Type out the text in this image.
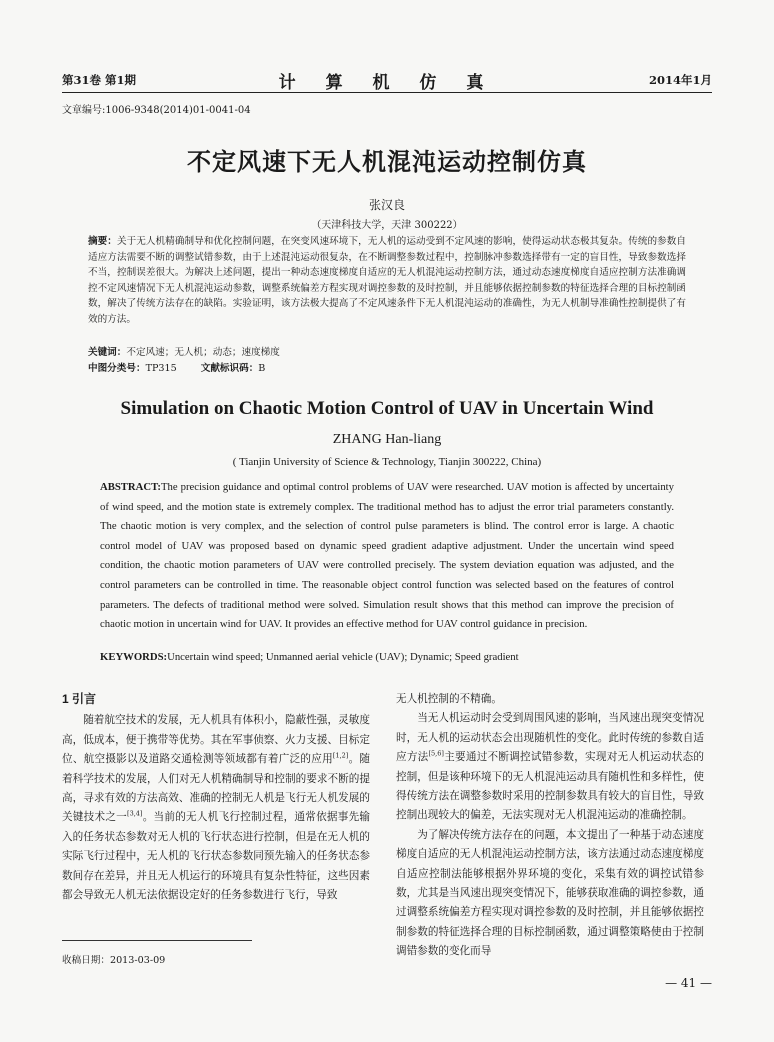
第31卷 第1期	计 算 机 仿 真	2014年1月
文章编号:1006-9348(2014)01-0041-04
不定风速下无人机混沌运动控制仿真
张汉良
（天津科技大学，天津 300222）
摘要：关于无人机精确制导和优化控制问题，在突变风速环境下，无人机的运动受到不定风速的影响，使得运动状态极其复杂。传统的参数自适应方法需要不断的调整试错参数，由于上述混沌运动很复杂，在不断调整参数过程中，控制脉冲参数选择带有一定的盲目性，导致参数选择不当，控制误差很大。为解决上述问题，提出一种动态速度梯度自适应的无人机混沌运动控制方法，通过动态速度梯度自适应控制方法准确调控不定风速情况下无人机混沌运动参数，调整系统偏差方程实现对调控参数的及时控制，并且能够依据控制参数的特征选择合理的目标控制函数，解决了传统方法存在的缺陷。实验证明，该方法极大提高了不定风速条件下无人机混沌运动的准确性，为无人机制导准确性控制提供了有效的方法。
关键词：不定风速；无人机；动态；速度梯度
中图分类号：TP315	文献标识码：B
Simulation on Chaotic Motion Control of UAV in Uncertain Wind
ZHANG Han-liang
( Tianjin University of Science & Technology, Tianjin 300222, China)
ABSTRACT:The precision guidance and optimal control problems of UAV were researched. UAV motion is affected by uncertainty of wind speed, and the motion state is extremely complex. The traditional method has to adjust the error trial parameters constantly. The chaotic motion is very complex, and the selection of control pulse parameters is blind. The control error is large. A chaotic control model of UAV was proposed based on dynamic speed gradient adaptive adjustment. Under the uncertain wind speed condition, the chaotic motion parameters of UAV were controlled precisely. The system deviation equation was adjusted, and the control parameters can be controlled in time. The reasonable object control function was selected based on the features of control parameters. The defects of traditional method were solved. Simulation result shows that this method can improve the precision of chaotic motion in uncertain wind for UAV. It provides an effective method for UAV control guidance in precision.
KEYWORDS:Uncertain wind speed; Unmanned aerial vehicle (UAV); Dynamic; Speed gradient
1 引言

随着航空技术的发展，无人机具有体积小，隐蔽性强，灵敏度高，低成本，便于携带等优势。其在军事侦察、火力支援、目标定位、航空摄影以及道路交通检测等领域都有着广泛的应用[1,2]。随着科学技术的发展，人们对无人机精确制导和控制的要求不断的提高，寻求有效的方法高效、准确的控制无人机是飞行无人机发展的关键技术之一[3,4]。当前的无人机飞行控制过程，通常依据事先输入的任务状态参数对无人机的飞行状态进行控制，但是在无人机的实际飞行过程中，无人机的飞行状态参数同预先输入的任务状态参数间存在差异，并且无人机运行的环境具有复杂性特征，这些因素都会导致无人机无法依据设定好的任务参数进行飞行，导致

无人机控制的不精确。

当无人机运动时会受到周围风速的影响，当风速出现突变情况时，无人机的运动状态会出现随机性的变化。此时传统的参数自适应方法[5,6]主要通过不断调控试错参数，实现对无人机运动状态的控制，但是该种环境下的无人机混沌运动具有随机性和多样性，使得传统方法在调整参数时采用的控制参数具有较大的盲目性，导致控制出现较大的偏差，无法实现对无人机混沌运动的准确控制。

为了解决传统方法存在的问题，本文提出了一种基于动态速度梯度自适应的无人机混沌运动控制方法，该方法通过动态速度梯度自适应控制法能够根据外界环境的变化，采集有效的调控试错参数，尤其是当风速出现突变情况下，能够获取准确的调控参数，通过调整系统偏差方程实现对调控参数的及时控制，并且能够依据控制参数的特征选择合理的目标控制函数，通过调整策略使由于控制调错参数的变化而导

收稿日期：2013-03-09
— 41 —
